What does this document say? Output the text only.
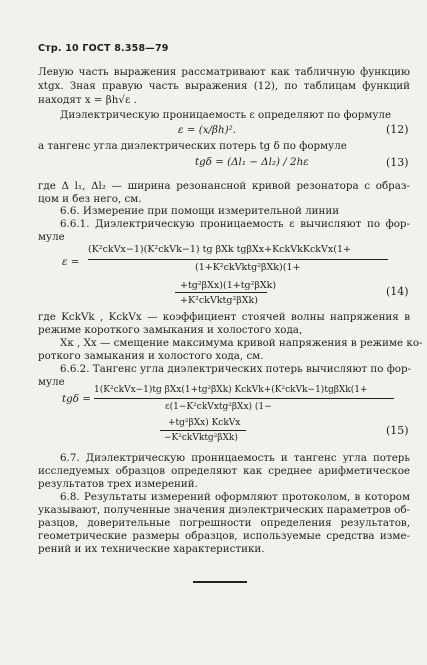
Стр. 10 ГОСТ 8.358—79
Левую часть выражения рассматривают как табличную функцию
xtgx. Зная правую часть выражения (12), по таблицам функций
находят x = βh√ε .
Диэлектрическую проницаемость ε определяют по формуле
ε = (x/βh)².	(12)
а тангенс угла диэлектрических потерь tg δ по формуле
tgδ = (Δl₁ − Δl₂) / 2hε	(13)
где Δ l₁, Δl₂ — ширина резонансной кривой резонатора с образ-
цом и без него, см.
6.6. Измерение при помощи измерительной линии
6.6.1. Диэлектрическую проницаемость ε вычисляют по фор-
муле
ε =
(K²ckVx−1)(K²ckVk−1) tg βXk tgβXx+KckVkKckVx(1+
(1+K²ckVktg²βXk)(1+
+tg²βXx)(1+tg²βXk)
+K²ckVktg²βXk)
(14)
где KckVk , KckVx — коэффициент стоячей волны напряжения в
режиме короткого замыкания и холостого хода,
Xк , Xx — смещение максимума кривой напряжения в режиме ко-
роткого замыкания и холостого хода, см.
6.6.2. Тангенс угла диэлектрических потерь вычисляют по фор-
муле
tgδ =
1(K²ckVx−1)tg βXx(1+tg²βXk) KckVk+(K²ckVk−1)tgβXk(1+
ε(1−K²ckVxtg²βXx) (1−
+tg²βXx) KckVx
−K²ckVktg²βXk)
(15)
6.7. Диэлектрическую проницаемость и тангенс угла потерь
исследуемых образцов определяют как среднее арифметическое
результатов трех измерений.
6.8. Результаты измерений оформляют протоколом, в котором
указывают, полученные значения диэлектрических параметров об-
разцов, доверительные погрешности определения результатов,
геометрические размеры образцов, используемые средства изме-
рений и их технические характеристики.
